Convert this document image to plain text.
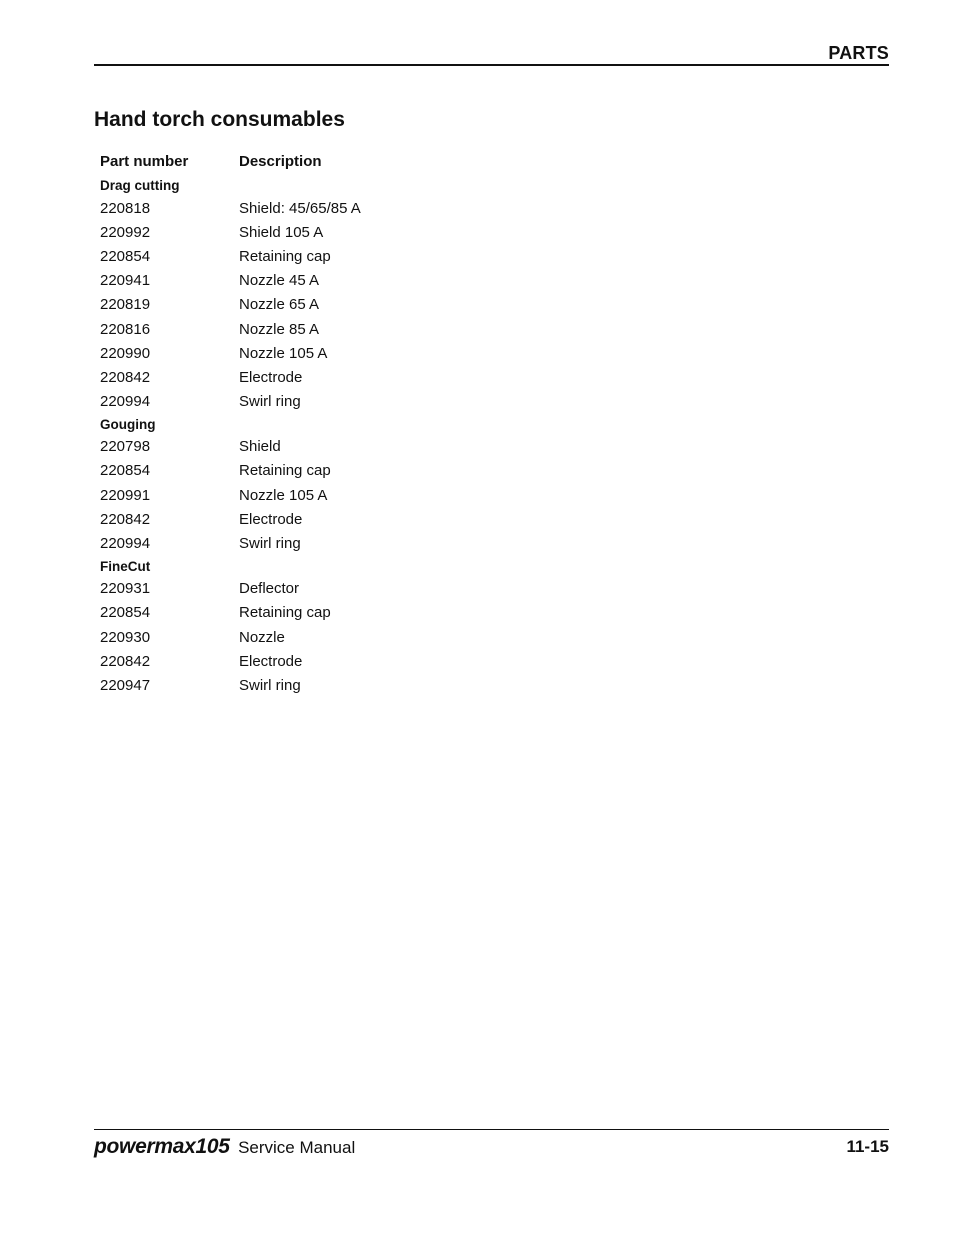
PARTS
Hand torch consumables
Part number	Description
Drag cutting	
220818	Shield: 45/65/85 A
220992	Shield 105 A
220854	Retaining cap
220941	Nozzle 45 A
220819	Nozzle 65 A
220816	Nozzle 85 A
220990	Nozzle 105 A
220842	Electrode
220994	Swirl ring
Gouging	
220798	Shield
220854	Retaining cap
220991	Nozzle 105 A
220842	Electrode
220994	Swirl ring
FineCut	
220931	Deflector
220854	Retaining cap
220930	Nozzle
220842	Electrode
220947	Swirl ring
powermax105 Service Manual	11-15
